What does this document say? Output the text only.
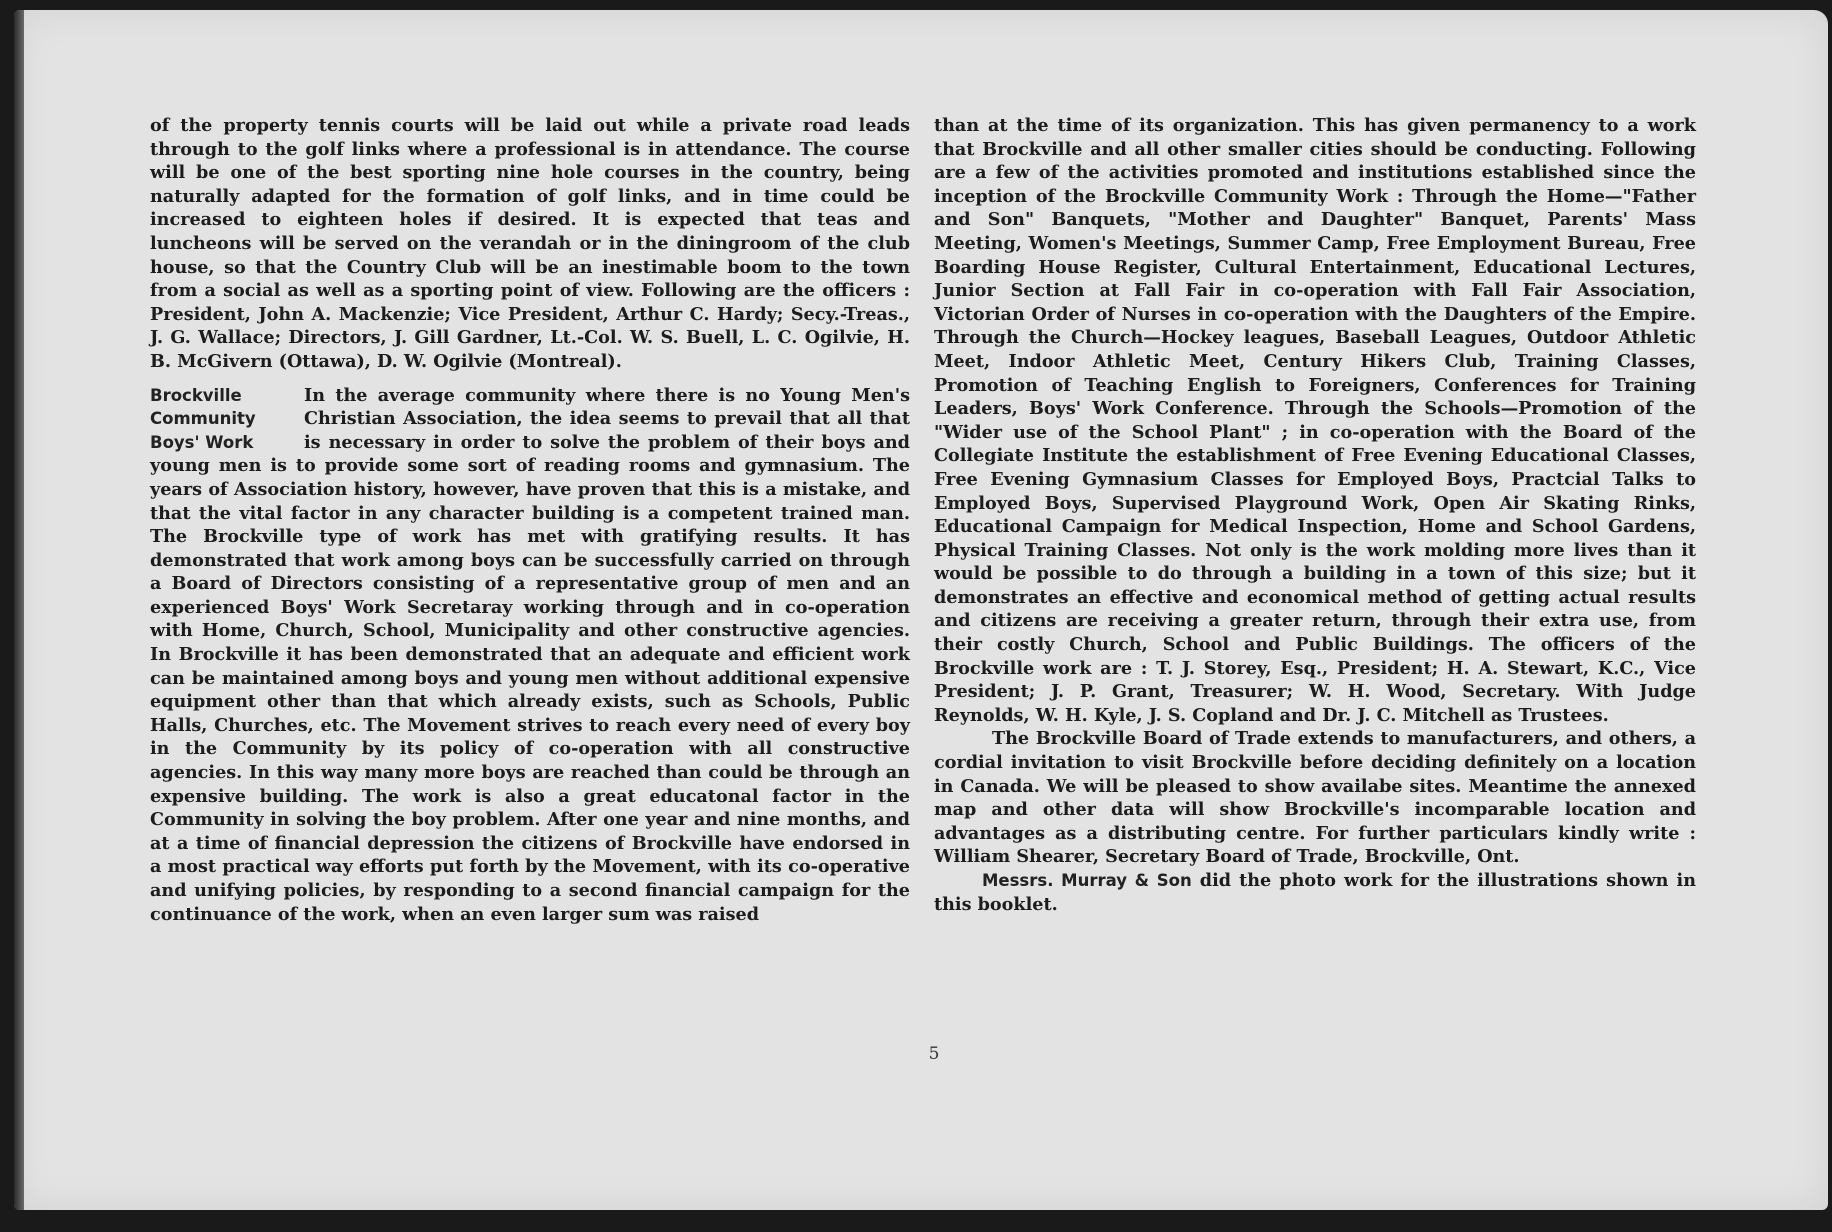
of the property tennis courts will be laid out while a private road leads through to the golf links where a professional is in attendance. The course will be one of the best sporting nine hole courses in the country, being naturally adapted for the formation of golf links, and in time could be increased to eighteen holes if desired. It is expected that teas and luncheons will be served on the verandah or in the diningroom of the club house, so that the Country Club will be an inestimable boom to the town from a social as well as a sporting point of view. Following are the officers : President, John A. Mackenzie; Vice President, Arthur C. Hardy; Secy.-Treas., J. G. Wallace; Directors, J. Gill Gardner, Lt.-Col. W. S. Buell, L. C. Ogilvie, H. B. McGivern (Ottawa), D. W. Ogilvie (Montreal).

Brockville
Community
Boys' Work

In the average community where there is no Young Men's Christian Association, the idea seems to prevail that all that is necessary in order to solve the problem of their boys and young men is to provide some sort of reading rooms and gymnasium. The years of Association history, however, have proven that this is a mistake, and that the vital factor in any character building is a competent trained man. The Brockville type of work has met with gratifying results. It has demonstrated that work among boys can be successfully carried on through a Board of Directors consisting of a representative group of men and an experienced Boys' Work Secretaray working through and in co-operation with Home, Church, School, Municipality and other constructive agencies. In Brockville it has been demonstrated that an adequate and efficient work can be maintained among boys and young men without additional expensive equipment other than that which already exists, such as Schools, Public Halls, Churches, etc. The Movement strives to reach every need of every boy in the Community by its policy of co-operation with all constructive agencies. In this way many more boys are reached than could be through an expensive building. The work is also a great educatonal factor in the Community in solving the boy problem. After one year and nine months, and at a time of financial depression the citizens of Brockville have endorsed in a most practical way efforts put forth by the Movement, with its co-operative and unifying policies, by responding to a second financial campaign for the continuance of the work, when an even larger sum was raised

than at the time of its organization. This has given permanency to a work that Brockville and all other smaller cities should be conducting. Following are a few of the activities promoted and institutions established since the inception of the Brockville Community Work : Through the Home—"Father and Son" Banquets, "Mother and Daughter" Banquet, Parents' Mass Meeting, Women's Meetings, Summer Camp, Free Employment Bureau, Free Boarding House Register, Cultural Entertainment, Educational Lectures, Junior Section at Fall Fair in co-operation with Fall Fair Association, Victorian Order of Nurses in co-operation with the Daughters of the Empire. Through the Church—Hockey leagues, Baseball Leagues, Outdoor Athletic Meet, Indoor Athletic Meet, Century Hikers Club, Training Classes, Promotion of Teaching English to Foreigners, Conferences for Training Leaders, Boys' Work Conference. Through the Schools—Promotion of the "Wider use of the School Plant" ; in co-operation with the Board of the Collegiate Institute the establishment of Free Evening Educational Classes, Free Evening Gymnasium Classes for Employed Boys, Practcial Talks to Employed Boys, Supervised Playground Work, Open Air Skating Rinks, Educational Campaign for Medical Inspection, Home and School Gardens, Physical Training Classes. Not only is the work molding more lives than it would be possible to do through a building in a town of this size; but it demonstrates an effective and economical method of getting actual results and citizens are receiving a greater return, through their extra use, from their costly Church, School and Public Buildings. The officers of the Brockville work are : T. J. Storey, Esq., President; H. A. Stewart, K.C., Vice President; J. P. Grant, Treasurer; W. H. Wood, Secretary. With Judge Reynolds, W. H. Kyle, J. S. Copland and Dr. J. C. Mitchell as Trustees.

The Brockville Board of Trade extends to manufacturers, and others, a cordial invitation to visit Brockville before deciding definitely on a location in Canada. We will be pleased to show availabe sites. Meantime the annexed map and other data will show Brockville's incomparable location and advantages as a distributing centre. For further particulars kindly write : William Shearer, Secretary Board of Trade, Brockville, Ont.

Messrs. Murray & Son did the photo work for the illustrations shown in this booklet.

5
